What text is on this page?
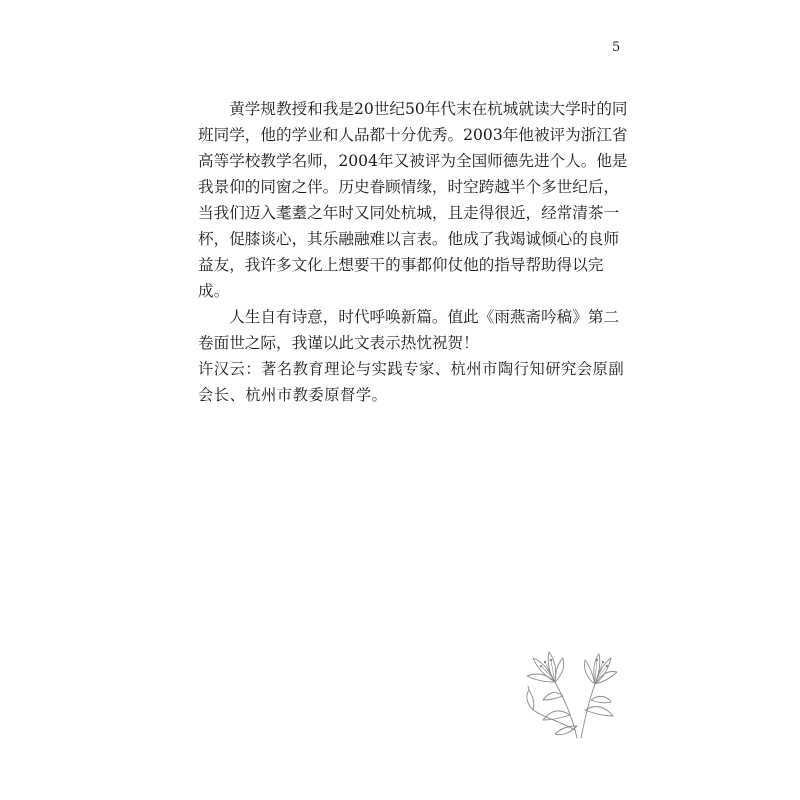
5

黄学规教授和我是20世纪50年代末在杭城就读大学时的同班同学，他的学业和人品都十分优秀。2003年他被评为浙江省高等学校教学名师，2004年又被评为全国师德先进个人。他是我景仰的同窗之伴。历史眷顾情缘，时空跨越半个多世纪后，当我们迈入耄耋之年时又同处杭城，且走得很近，经常清茶一杯，促膝谈心，其乐融融难以言表。他成了我竭诚倾心的良师益友，我许多文化上想要干的事都仰仗他的指导帮助得以完成。

人生自有诗意，时代呼唤新篇。值此《雨燕斋吟稿》第二卷面世之际，我谨以此文表示热忱祝贺！

许汉云：著名教育理论与实践专家、杭州市陶行知研究会原副会长、杭州市教委原督学。
